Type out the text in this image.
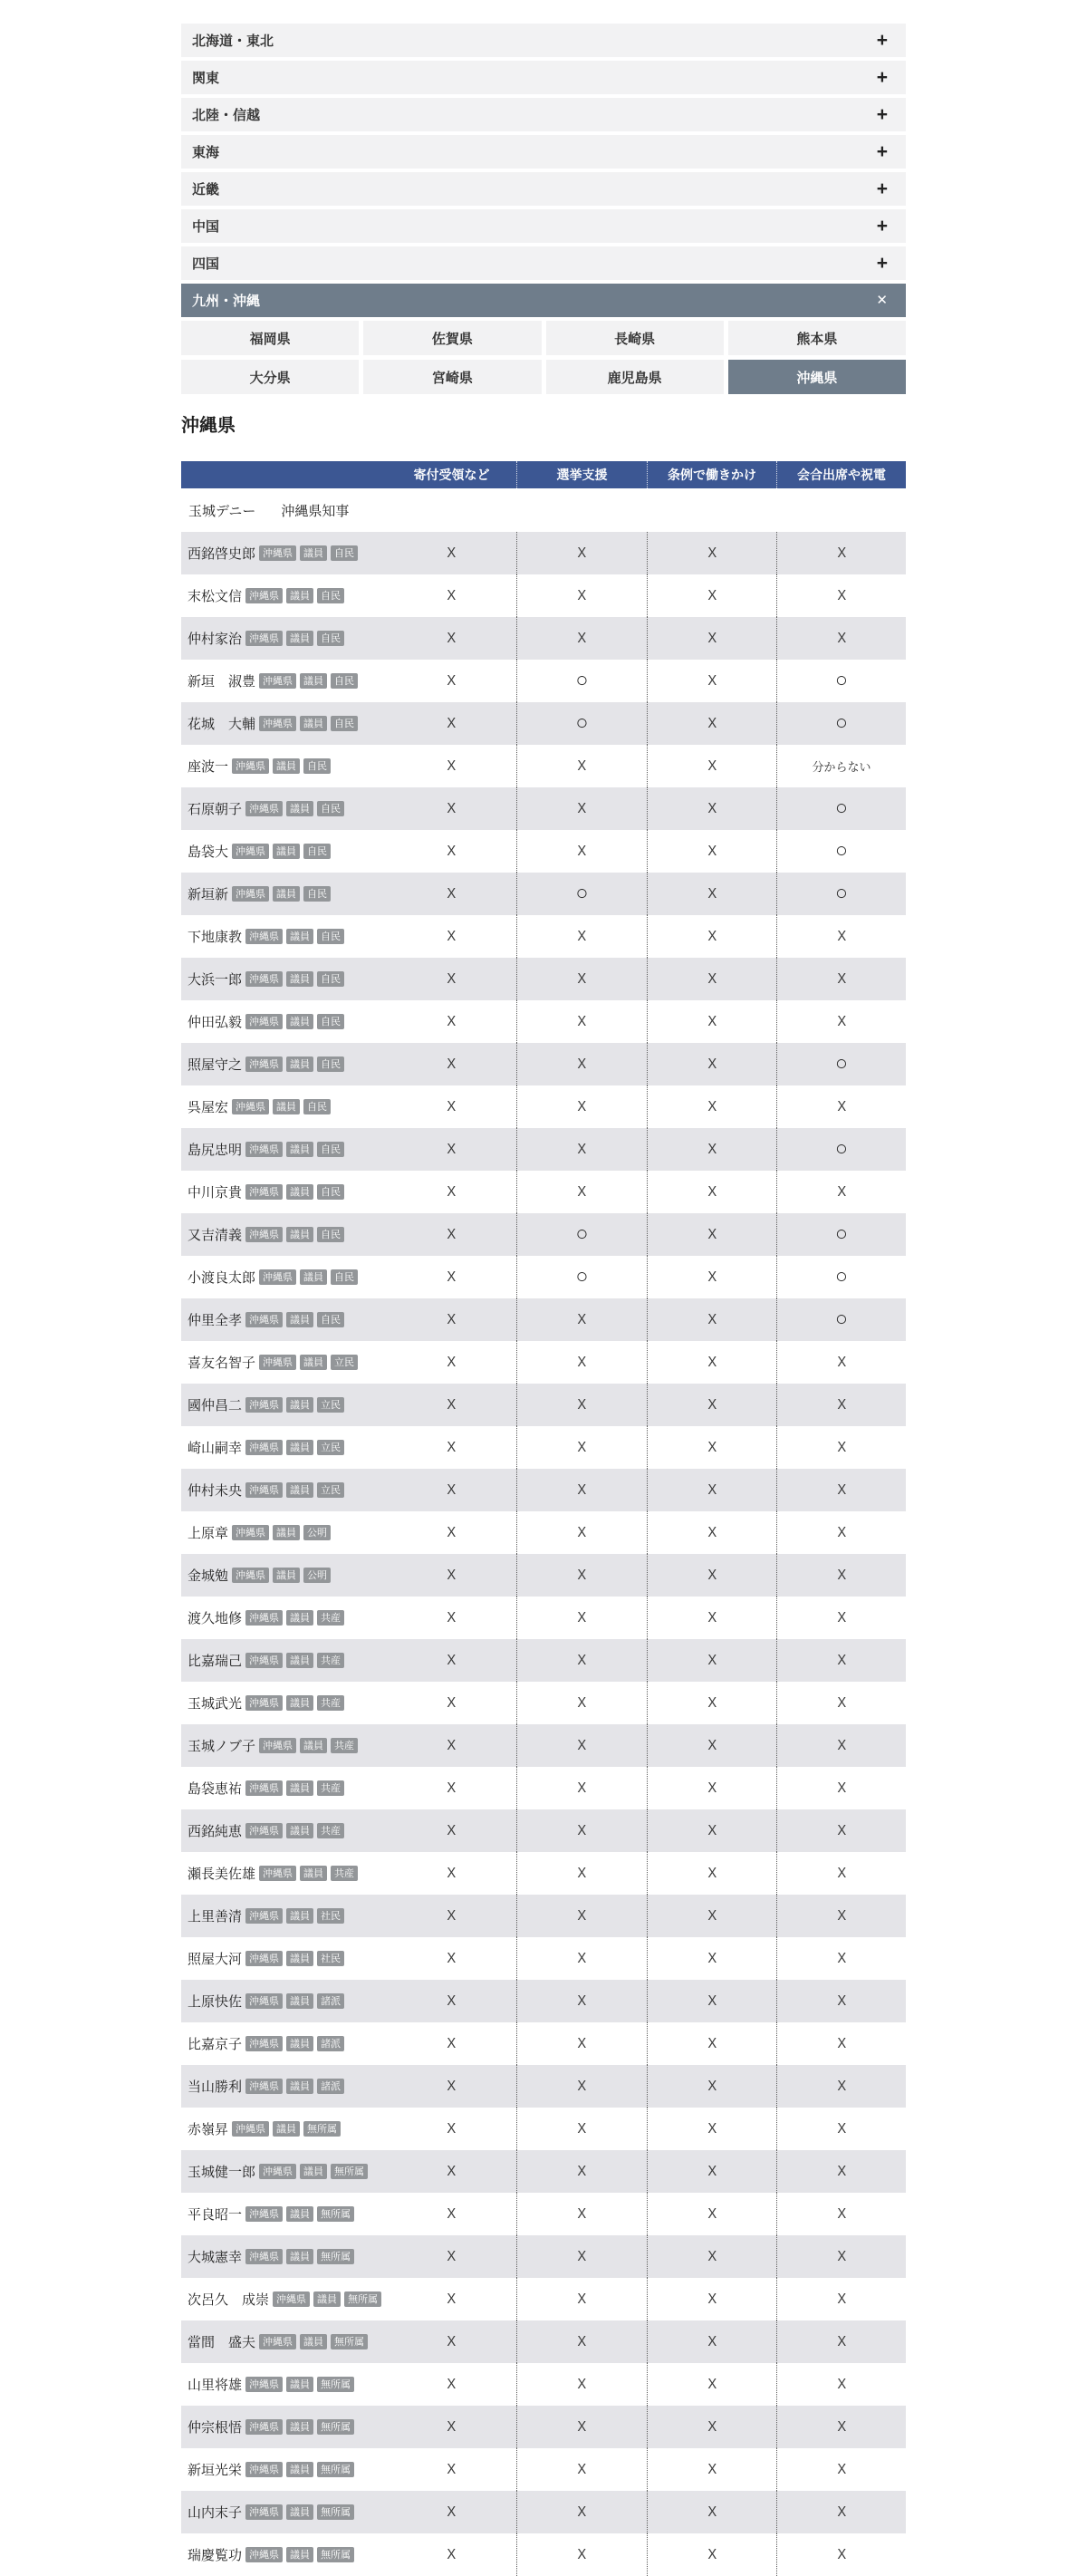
北海道・東北	+
関東	+
北陸・信越	+
東海	+
近畿	+
中国	+
四国	+
九州・沖縄	✕
福岡県	佐賀県	長崎県	熊本県
大分県	宮崎県	鹿児島県	沖縄県
沖縄県
寄付受領など	選挙支援	条例で働きかけ	会合出席や祝電
玉城デニー 沖縄県知事
西銘啓史郎 沖縄県	議員	自民	X	X	X	X
末松文信 沖縄県	議員	自民	X	X	X	X
仲村家治 沖縄県	議員	自民	X	X	X	X
新垣　淑豊 沖縄県	議員	自民	X	○	X	○
花城　大輔 沖縄県	議員	自民	X	○	X	○
座波一 沖縄県	議員	自民	X	X	X	分からない
石原朝子 沖縄県	議員	自民	X	X	X	○
島袋大 沖縄県	議員	自民	X	X	X	○
新垣新 沖縄県	議員	自民	X	○	X	○
下地康教 沖縄県	議員	自民	X	X	X	X
大浜一郎 沖縄県	議員	自民	X	X	X	X
仲田弘毅 沖縄県	議員	自民	X	X	X	X
照屋守之 沖縄県	議員	自民	X	X	X	○
呉屋宏 沖縄県	議員	自民	X	X	X	X
島尻忠明 沖縄県	議員	自民	X	X	X	○
中川京貴 沖縄県	議員	自民	X	X	X	X
又吉清義 沖縄県	議員	自民	X	○	X	○
小渡良太郎 沖縄県	議員	自民	X	○	X	○
仲里全孝 沖縄県	議員	自民	X	X	X	○
喜友名智子 沖縄県	議員	立民	X	X	X	X
國仲昌二 沖縄県	議員	立民	X	X	X	X
崎山嗣幸 沖縄県	議員	立民	X	X	X	X
仲村未央 沖縄県	議員	立民	X	X	X	X
上原章 沖縄県	議員	公明	X	X	X	X
金城勉 沖縄県	議員	公明	X	X	X	X
渡久地修 沖縄県	議員	共産	X	X	X	X
比嘉瑞己 沖縄県	議員	共産	X	X	X	X
玉城武光 沖縄県	議員	共産	X	X	X	X
玉城ノブ子 沖縄県	議員	共産	X	X	X	X
島袋恵祐 沖縄県	議員	共産	X	X	X	X
西銘純恵 沖縄県	議員	共産	X	X	X	X
瀬長美佐雄 沖縄県	議員	共産	X	X	X	X
上里善清 沖縄県	議員	社民	X	X	X	X
照屋大河 沖縄県	議員	社民	X	X	X	X
上原快佐 沖縄県	議員	諸派	X	X	X	X
比嘉京子 沖縄県	議員	諸派	X	X	X	X
当山勝利 沖縄県	議員	諸派	X	X	X	X
赤嶺昇 沖縄県	議員	無所属	X	X	X	X
玉城健一郎 沖縄県	議員	無所属	X	X	X	X
平良昭一 沖縄県	議員	無所属	X	X	X	X
大城憲幸 沖縄県	議員	無所属	X	X	X	X
次呂久　成崇 沖縄県	議員	無所属	X	X	X	X
當間　盛夫 沖縄県	議員	無所属	X	X	X	X
山里将雄 沖縄県	議員	無所属	X	X	X	X
仲宗根悟 沖縄県	議員	無所属	X	X	X	X
新垣光栄 沖縄県	議員	無所属	X	X	X	X
山内末子 沖縄県	議員	無所属	X	X	X	X
瑞慶覧功 沖縄県	議員	無所属	X	X	X	X
